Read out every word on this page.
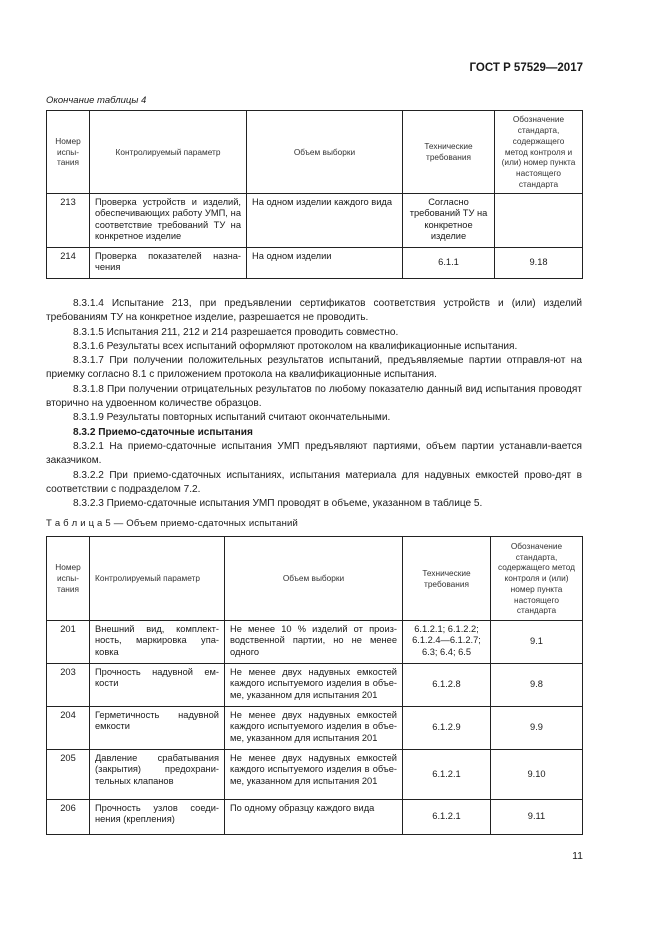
ГОСТ Р 57529—2017
Окончание таблицы 4
Номер испы-тания	Контролируемый параметр	Объем выборки	Технические требования	Обозначение стандарта, содержащего метод контроля и (или) номер пункта настоящего стандарта
213	Проверка устройств и изделий, обеспечивающих работу УМП, на соответствие требований ТУ на конкретное изделие	На одном изделии каждого вида	Согласно требований ТУ на конкретное изделие	
214	Проверка показателей назна-чения	На одном изделии	6.1.1	9.18

8.3.1.4 Испытание 213, при предъявлении сертификатов соответствия устройств и (или) изделий требованиям ТУ на конкретное изделие, разрешается не проводить.

8.3.1.5 Испытания 211, 212 и 214 разрешается проводить совместно.

8.3.1.6 Результаты всех испытаний оформляют протоколом на квалификационные испытания.

8.3.1.7 При получении положительных результатов испытаний, предъявляемые партии отправля-ют на приемку согласно 8.1 с приложением протокола на квалификационные испытания.

8.3.1.8 При получении отрицательных результатов по любому показателю данный вид испытания проводят вторично на удвоенном количестве образцов.

8.3.1.9 Результаты повторных испытаний считают окончательными.

8.3.2 Приемо-сдаточные испытания

8.3.2.1 На приемо-сдаточные испытания УМП предъявляют партиями, объем партии устанавли-вается заказчиком.

8.3.2.2 При приемо-сдаточных испытаниях, испытания материала для надувных емкостей прово-дят в соответствии с подразделом 7.2.

8.3.2.3 Приемо-сдаточные испытания УМП проводят в объеме, указанном в таблице 5.

Т а б л и ц а 5 — Объем приемо-сдаточных испытаний
Номер испы-тания	Контролируемый параметр	Объем выборки	Технические требования	Обозначение стандарта, содержащего метод контроля и (или) номер пункта настоящего стандарта
201	Внешний вид, комплект-ность, маркировка упа-ковка	Не менее 10 % изделий от произ-водственной партии, но не менее одного	6.1.2.1; 6.1.2.2; 6.1.2.4—6.1.2.7; 6.3; 6.4; 6.5	9.1
203	Прочность надувной ем-кости	Не менее двух надувных емкостей каждого испытуемого изделия в объе-ме, указанном для испытания 201	6.1.2.8	9.8
204	Герметичность надувной емкости	Не менее двух надувных емкостей каждого испытуемого изделия в объе-ме, указанном для испытания 201	6.1.2.9	9.9
205	Давление срабатывания (закрытия) предохрани-тельных клапанов	Не менее двух надувных емкостей каждого испытуемого изделия в объе-ме, указанном для испытания 201	6.1.2.1	9.10
206	Прочность узлов соеди-нения (крепления)	По одному образцу каждого вида	6.1.2.1	9.11
11
